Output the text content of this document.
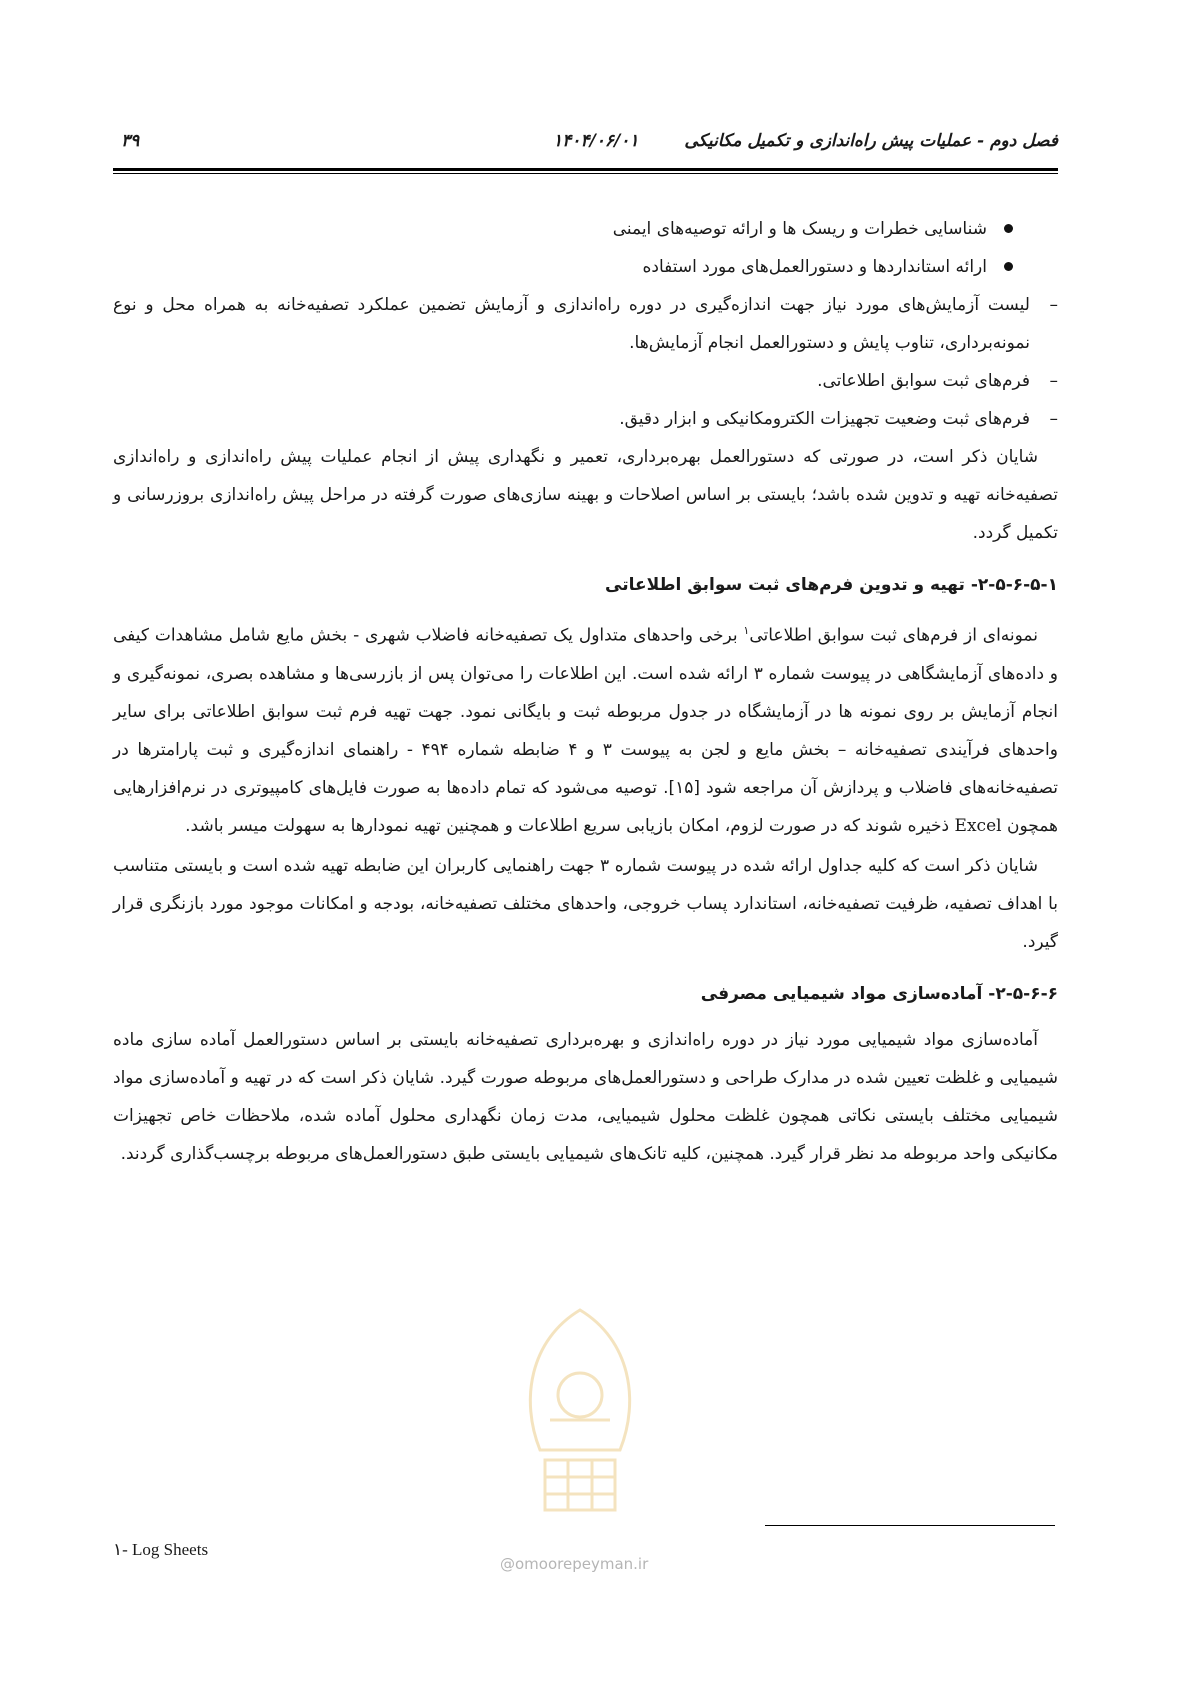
فصل دوم - عملیات پیش راه‌اندازی و تکمیل مکانیکی
۱۴۰۴/۰۶/۰۱
۳۹

شناسایی خطرات و ریسک ها و ارائه توصیه‌های ایمنی

ارائه استانداردها و دستورالعمل‌های مورد استفاده

–
لیست آزمایش‌های مورد نیاز جهت اندازه‌گیری در دوره راه‌اندازی و آزمایش تضمین عملکرد تصفیه‌خانه به همراه محل و نوع نمونه‌برداری، تناوب پایش و دستورالعمل انجام آزمایش‌ها.

–
فرم‌های ثبت سوابق اطلاعاتی.

–
فرم‌های ثبت وضعیت تجهیزات الکترومکانیکی و ابزار دقیق.

شایان ذکر است، در صورتی که دستورالعمل بهره‌برداری، تعمیر و نگهداری پیش از انجام عملیات پیش راه‌اندازی و راه‌اندازی تصفیه‌خانه تهیه و تدوین شده باشد؛ بایستی بر اساس اصلاحات و بهینه سازی‌های صورت گرفته در مراحل پیش راه‌اندازی بروزرسانی و تکمیل گردد.

۲-۵-۶-۵-۱- تهیه و تدوین فرم‌های ثبت سوابق اطلاعاتی

نمونه‌ای از فرم‌های ثبت سوابق اطلاعاتی$^۱$ برخی واحدهای متداول یک تصفیه‌خانه فاضلاب شهری - بخش مایع شامل مشاهدات کیفی و داده‌های آزمایشگاهی در پیوست شماره ۳ ارائه شده است. این اطلاعات را می‌توان پس از بازرسی‌ها و مشاهده بصری، نمونه‌گیری و انجام آزمایش بر روی نمونه ها در آزمایشگاه در جدول مربوطه ثبت و بایگانی نمود. جهت تهیه فرم ثبت سوابق اطلاعاتی برای سایر واحدهای فرآیندی تصفیه‌خانه – بخش مایع و لجن به پیوست ۳ و ۴ ضابطه شماره ۴۹۴ - راهنمای اندازه‌گیری و ثبت پارامترها در تصفیه‌خانه‌های فاضلاب و پردازش آن مراجعه شود [۱۵]. توصیه می‌شود که تمام داده‌ها به صورت فایل‌های کامپیوتری در نرم‌افزارهایی همچون Excel ذخیره شوند که در صورت لزوم، امکان بازیابی سریع اطلاعات و همچنین تهیه نمودارها به سهولت میسر باشد.

شایان ذکر است که کلیه جداول ارائه شده در پیوست شماره ۳ جهت راهنمایی کاربران این ضابطه تهیه شده است و بایستی متناسب با اهداف تصفیه، ظرفیت تصفیه‌خانه، استاندارد پساب خروجی، واحدهای مختلف تصفیه‌خانه، بودجه و امکانات موجود مورد بازنگری قرار گیرد.

۲-۵-۶-۶- آماده‌سازی مواد شیمیایی مصرفی

آماده‌سازی مواد شیمیایی مورد نیاز در دوره راه‌اندازی و بهره‌برداری تصفیه‌خانه بایستی بر اساس دستورالعمل آماده سازی ماده شیمیایی و غلظت تعیین شده در مدارک طراحی و دستورالعمل‌های مربوطه صورت گیرد. شایان ذکر است که در تهیه و آماده‌سازی مواد شیمیایی مختلف بایستی نکاتی همچون غلظت محلول شیمیایی، مدت زمان نگهداری محلول آماده شده، ملاحظات خاص تجهیزات مکانیکی واحد مربوطه مد نظر قرار گیرد. همچنین، کلیه تانک‌های شیمیایی بایستی طبق دستورالعمل‌های مربوطه برچسب‌گذاری گردند.

@omoorepeyman.ir
۱- Log Sheets
